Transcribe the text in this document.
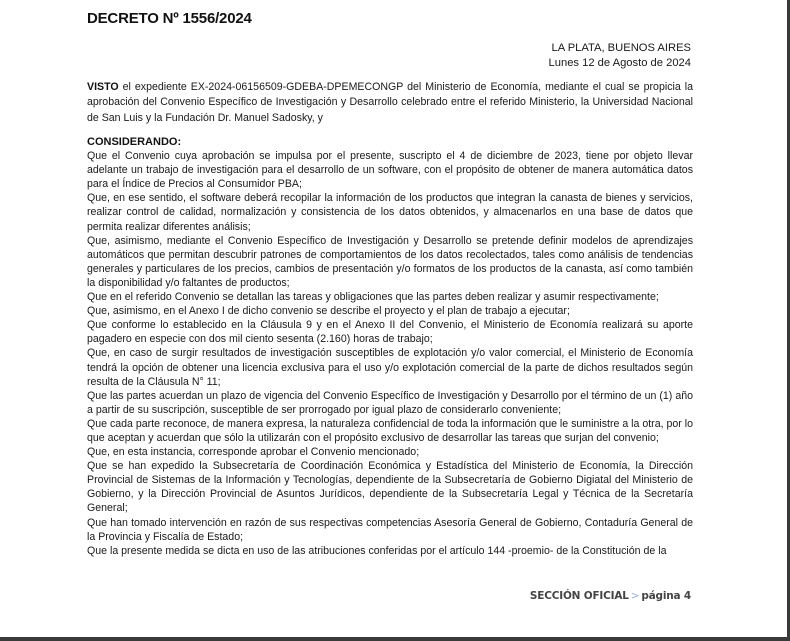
DECRETO Nº 1556/2024
LA PLATA, BUENOS AIRES
Lunes 12 de Agosto de 2024
VISTO el expediente EX-2024-06156509-GDEBA-DPEMECONGP del Ministerio de Economía, mediante el cual se propicia la aprobación del Convenio Específico de Investigación y Desarrollo celebrado entre el referido Ministerio, la Universidad Nacional de San Luis y la Fundación Dr. Manuel Sadosky, y
CONSIDERANDO:

Que el Convenio cuya aprobación se impulsa por el presente, suscripto el 4 de diciembre de 2023, tiene por objeto llevar adelante un trabajo de investigación para el desarrollo de un software, con el propósito de obtener de manera automática datos para el Índice de Precios al Consumidor PBA;

Que, en ese sentido, el software deberá recopilar la información de los productos que integran la canasta de bienes y servicios, realizar control de calidad, normalización y consistencia de los datos obtenidos, y almacenarlos en una base de datos que permita realizar diferentes análisis;

Que, asimismo, mediante el Convenio Específico de Investigación y Desarrollo se pretende definir modelos de aprendizajes automáticos que permitan descubrir patrones de comportamientos de los datos recolectados, tales como análisis de tendencias generales y particulares de los precios, cambios de presentación y/o formatos de los productos de la canasta, así como también la disponibilidad y/o faltantes de productos;

Que en el referido Convenio se detallan las tareas y obligaciones que las partes deben realizar y asumir respectivamente;

Que, asimismo, en el Anexo I de dicho convenio se describe el proyecto y el plan de trabajo a ejecutar;

Que conforme lo establecido en la Cláusula 9 y en el Anexo II del Convenio, el Ministerio de Economía realizará su aporte pagadero en especie con dos mil ciento sesenta (2.160) horas de trabajo;

Que, en caso de surgir resultados de investigación susceptibles de explotación y/o valor comercial, el Ministerio de Economía tendrá la opción de obtener una licencia exclusiva para el uso y/o explotación comercial de la parte de dichos resultados según resulta de la Cláusula N° 11;

Que las partes acuerdan un plazo de vigencia del Convenio Específico de Investigación y Desarrollo por el término de un (1) año a partir de su suscripción, susceptible de ser prorrogado por igual plazo de considerarlo conveniente;

Que cada parte reconoce, de manera expresa, la naturaleza confidencial de toda la información que le suministre a la otra, por lo que aceptan y acuerdan que sólo la utilizarán con el propósito exclusivo de desarrollar las tareas que surjan del convenio;

Que, en esta instancia, corresponde aprobar el Convenio mencionado;

Que se han expedido la Subsecretaría de Coordinación Económica y Estadística del Ministerio de Economía, la Dirección Provincial de Sistemas de la Información y Tecnologías, dependiente de la Subsecretaría de Gobierno Digiatal del Ministerio de Gobierno, y la Dirección Provincial de Asuntos Jurídicos, dependiente de la Subsecretaría Legal y Técnica de la Secretaría General;

Que han tomado intervención en razón de sus respectivas competencias Asesoría General de Gobierno, Contaduría General de la Provincia y Fiscalía de Estado;

Que la presente medida se dicta en uso de las atribuciones conferidas por el artículo 144 -proemio- de la Constitución de la

SECCIÓN OFICIAL > página 4
